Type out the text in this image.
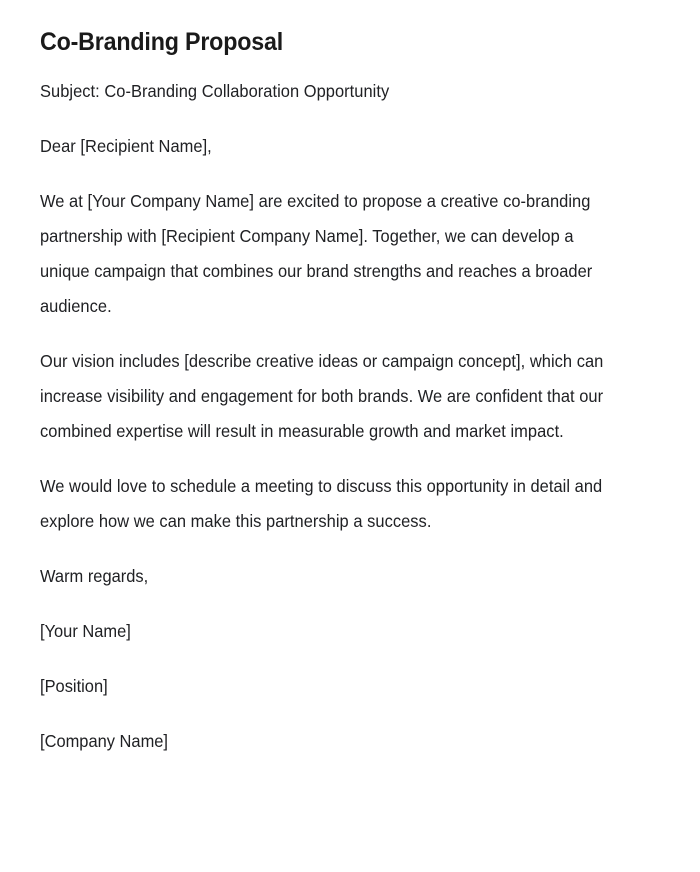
Co-Branding Proposal

Subject: Co-Branding Collaboration Opportunity

Dear [Recipient Name],

We at [Your Company Name] are excited to propose a creative co-branding partnership with [Recipient Company Name]. Together, we can develop a unique campaign that combines our brand strengths and reaches a broader audience.

Our vision includes [describe creative ideas or campaign concept], which can increase visibility and engagement for both brands. We are confident that our combined expertise will result in measurable growth and market impact.

We would love to schedule a meeting to discuss this opportunity in detail and explore how we can make this partnership a success.

Warm regards,

[Your Name]

[Position]

[Company Name]
